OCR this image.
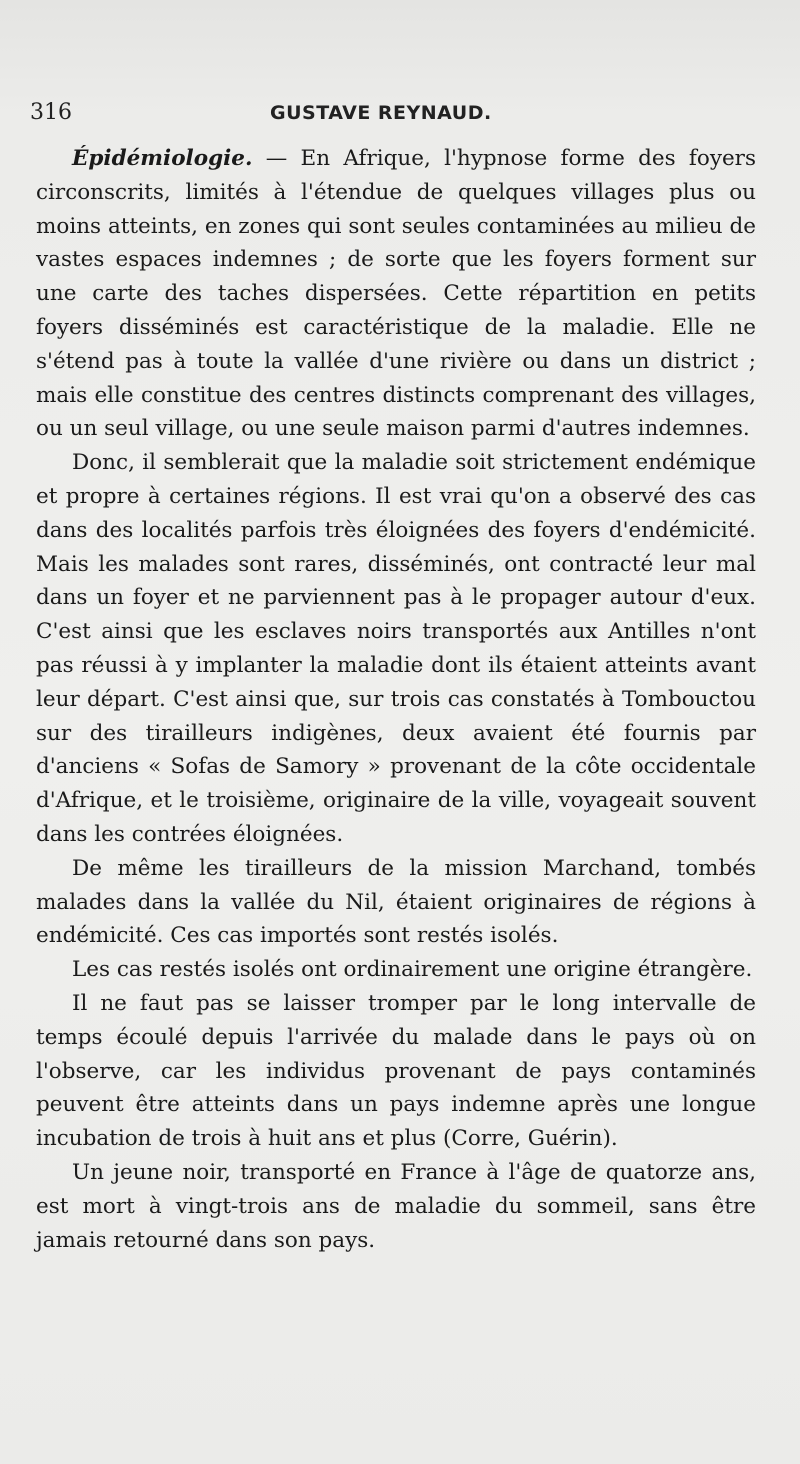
316	GUSTAVE REYNAUD.

Épidémiologie. — En Afrique, l'hypnose forme des foyers circonscrits, limités à l'étendue de quelques villages plus ou moins atteints, en zones qui sont seules contaminées au milieu de vastes espaces indemnes ; de sorte que les foyers forment sur une carte des taches dispersées. Cette répartition en petits foyers disséminés est caractéristique de la maladie. Elle ne s'étend pas à toute la vallée d'une rivière ou dans un district ; mais elle constitue des centres distincts comprenant des villages, ou un seul village, ou une seule maison parmi d'autres indemnes.

Donc, il semblerait que la maladie soit strictement endémique et propre à certaines régions. Il est vrai qu'on a observé des cas dans des localités parfois très éloignées des foyers d'endémicité. Mais les malades sont rares, disséminés, ont contracté leur mal dans un foyer et ne parviennent pas à le propager autour d'eux. C'est ainsi que les esclaves noirs transportés aux Antilles n'ont pas réussi à y implanter la maladie dont ils étaient atteints avant leur départ. C'est ainsi que, sur trois cas constatés à Tombouctou sur des tirailleurs indigènes, deux avaient été fournis par d'anciens « Sofas de Samory » provenant de la côte occidentale d'Afrique, et le troisième, originaire de la ville, voyageait souvent dans les contrées éloignées.

De même les tirailleurs de la mission Marchand, tombés malades dans la vallée du Nil, étaient originaires de régions à endémicité. Ces cas importés sont restés isolés.

Les cas restés isolés ont ordinairement une origine étrangère.

Il ne faut pas se laisser tromper par le long intervalle de temps écoulé depuis l'arrivée du malade dans le pays où on l'observe, car les individus provenant de pays contaminés peuvent être atteints dans un pays indemne après une longue incubation de trois à huit ans et plus (Corre, Guérin).

Un jeune noir, transporté en France à l'âge de quatorze ans, est mort à vingt-trois ans de maladie du sommeil, sans être jamais retourné dans son pays.
